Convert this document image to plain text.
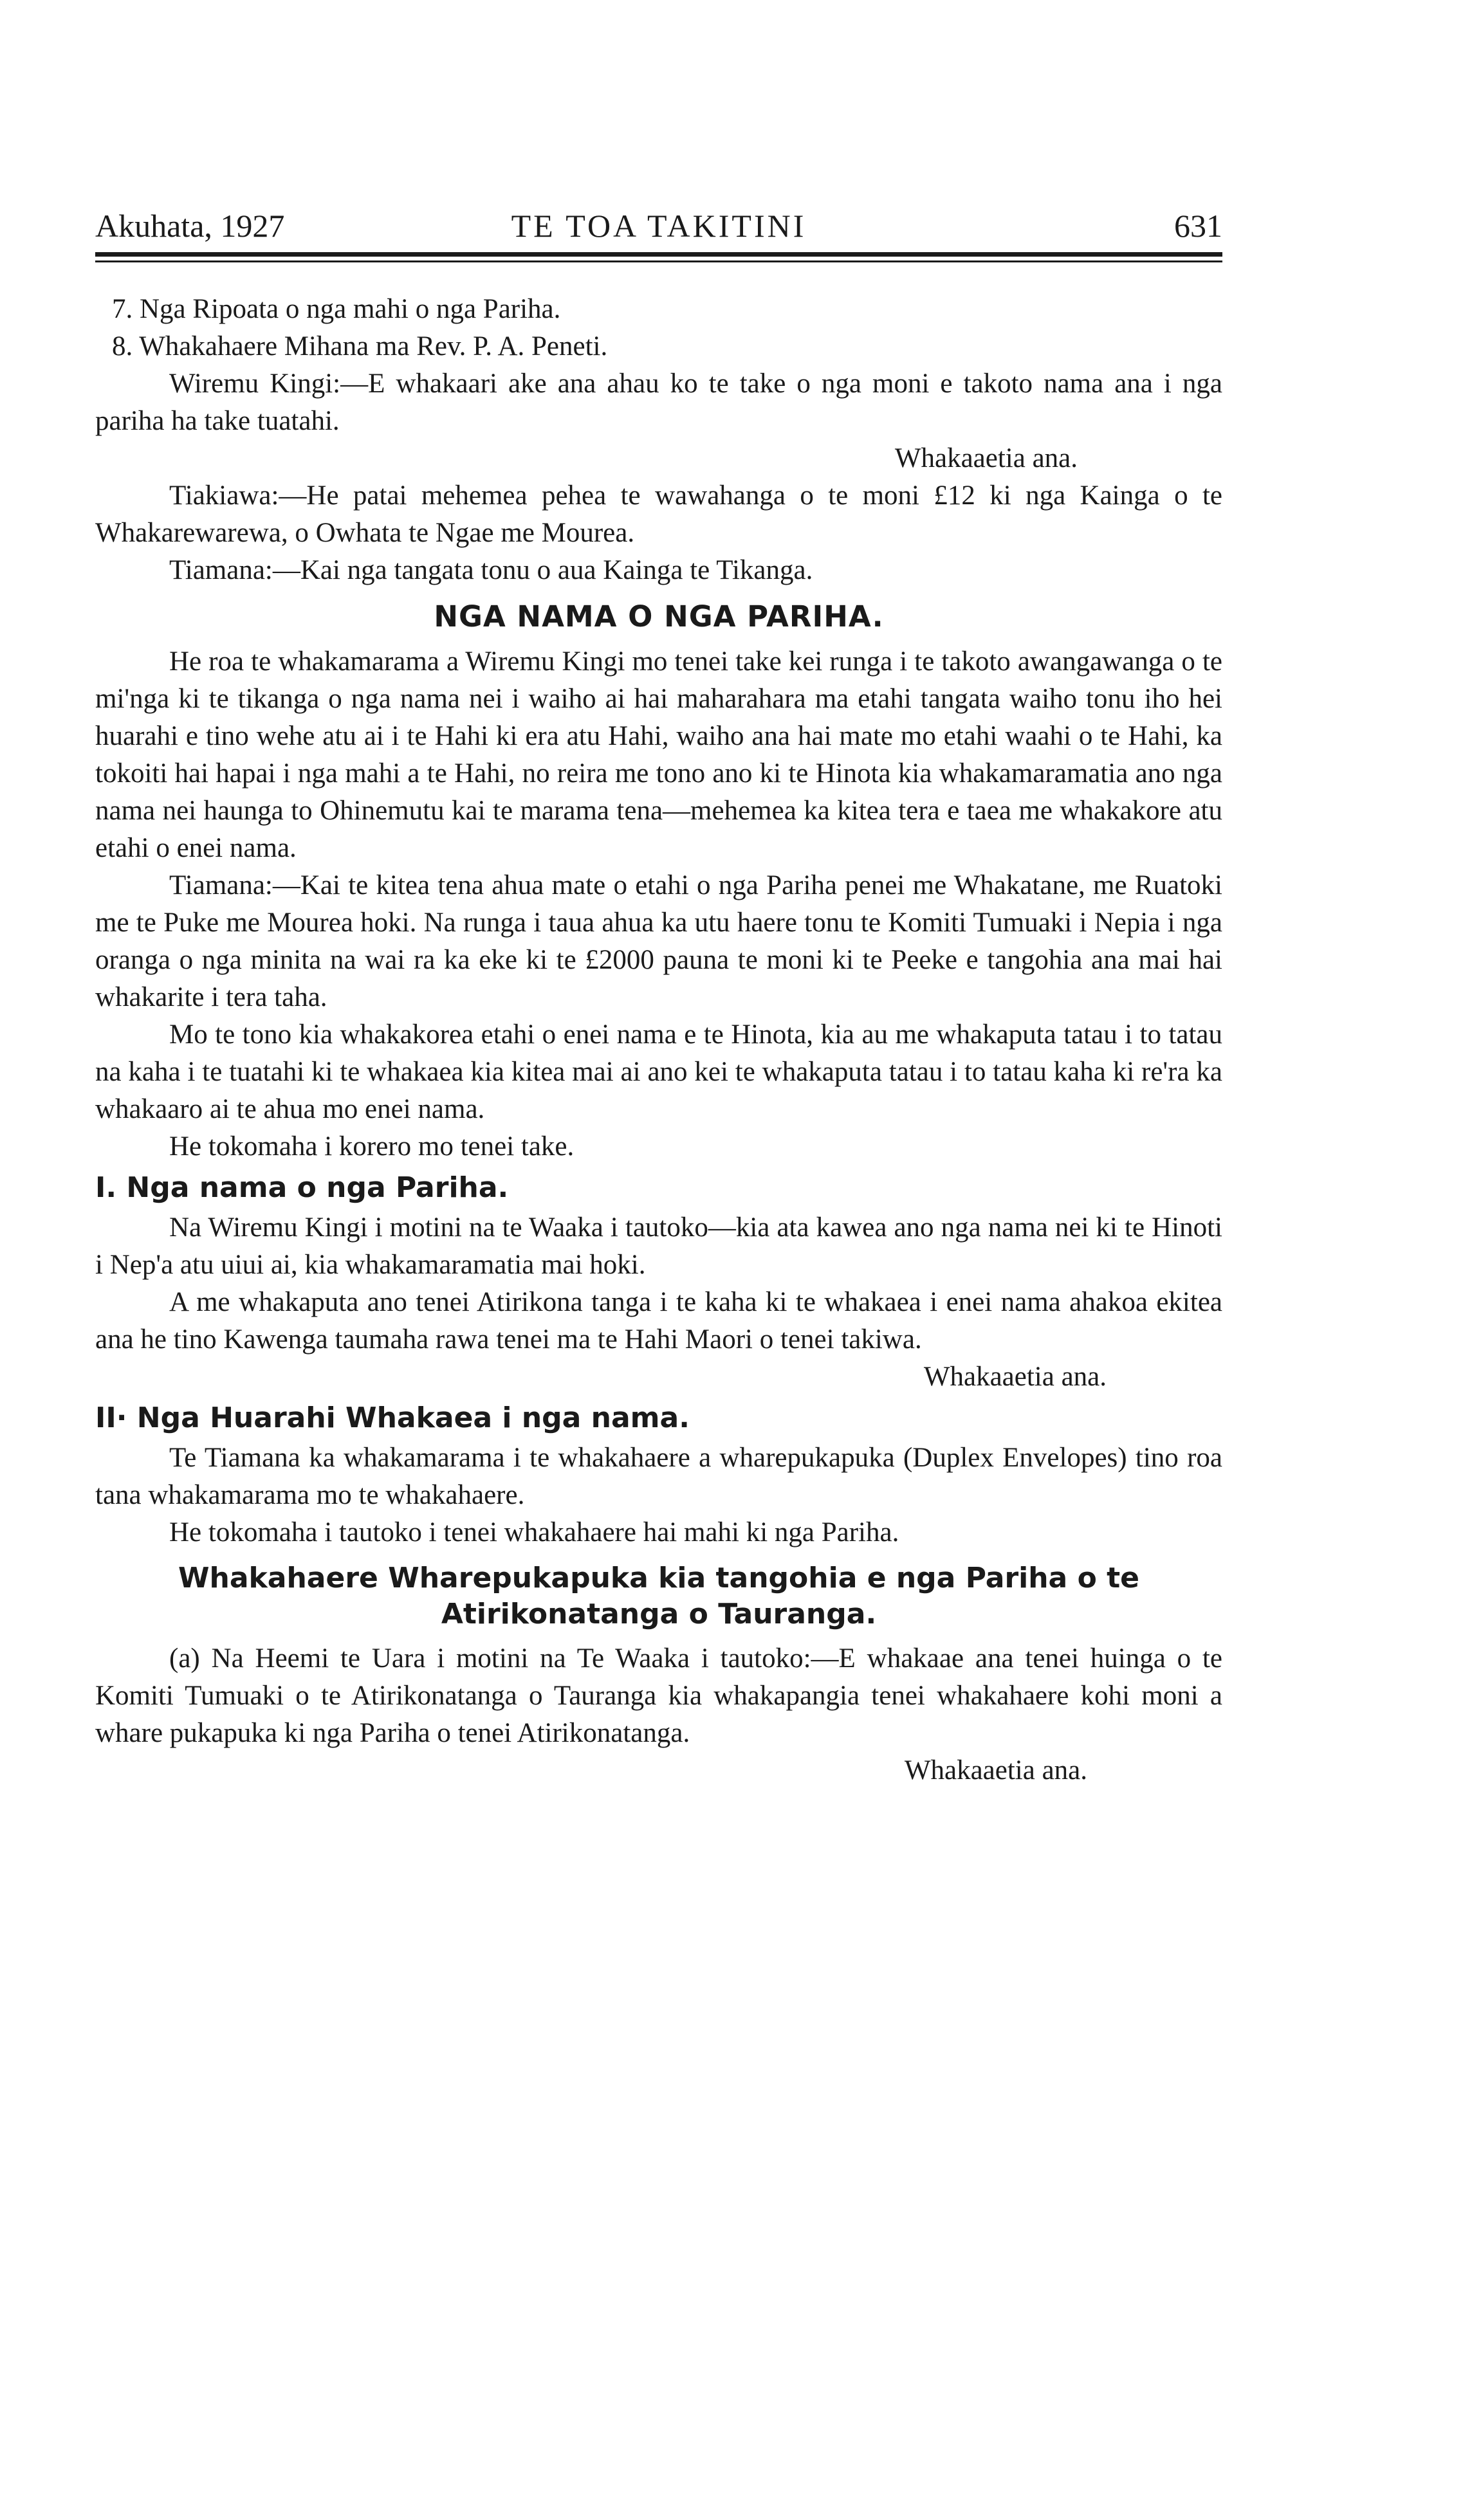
Akuhata, 1927	TE TOA TAKITINI	631

7. Nga Ripoata o nga mahi o nga Pariha.

8. Whakahaere Mihana ma Rev. P. A. Peneti.

Wiremu Kingi:—E whakaari ake ana ahau ko te take o nga moni e takoto nama ana i nga pariha ha take tuatahi.

Whakaaetia ana.

Tiakiawa:—He patai mehemea pehea te wawahanga o te moni £12 ki nga Kainga o te Whakarewarewa, o Owhata te Ngae me Mourea.

Tiamana:—Kai nga tangata tonu o aua Kainga te Tikanga.

NGA NAMA O NGA PARIHA.

He roa te whakamarama a Wiremu Kingi mo tenei take kei runga i te takoto awangawanga o te mi'nga ki te tikanga o nga nama nei i waiho ai hai maharahara ma etahi tangata waiho tonu iho hei huarahi e tino wehe atu ai i te Hahi ki era atu Hahi, waiho ana hai mate mo etahi waahi o te Hahi, ka tokoiti hai hapai i nga mahi a te Hahi, no reira me tono ano ki te Hinota kia whakamaramatia ano nga nama nei haunga to Ohinemutu kai te marama tena—mehemea ka kitea tera e taea me whakakore atu etahi o enei nama.

Tiamana:—Kai te kitea tena ahua mate o etahi o nga Pariha penei me Whakatane, me Ruatoki me te Puke me Mourea hoki. Na runga i taua ahua ka utu haere tonu te Komiti Tumuaki i Nepia i nga oranga o nga minita na wai ra ka eke ki te £2000 pauna te moni ki te Peeke e tangohia ana mai hai whakarite i tera taha.

Mo te tono kia whakakorea etahi o enei nama e te Hinota, kia au me whakaputa tatau i to tatau na kaha i te tuatahi ki te whakaea kia kitea mai ai ano kei te whakaputa tatau i to tatau kaha ki re'ra ka whakaaro ai te ahua mo enei nama.

He tokomaha i korero mo tenei take.

I. Nga nama o nga Pariha.

Na Wiremu Kingi i motini na te Waaka i tautoko—kia ata kawea ano nga nama nei ki te Hinoti i Nep'a atu uiui ai, kia whakamaramatia mai hoki.

A me whakaputa ano tenei Atirikona tanga i te kaha ki te whakaea i enei nama ahakoa ekitea ana he tino Kawenga taumaha rawa tenei ma te Hahi Maori o tenei takiwa.

Whakaaetia ana.

II· Nga Huarahi Whakaea i nga nama.

Te Tiamana ka whakamarama i te whakahaere a wharepukapuka (Duplex Envelopes) tino roa tana whakamarama mo te whakahaere.

He tokomaha i tautoko i tenei whakahaere hai mahi ki nga Pariha.

Whakahaere Wharepukapuka kia tangohia e nga Pariha o te Atirikonatanga o Tauranga.

(a) Na Heemi te Uara i motini na Te Waaka i tautoko:—E whakaae ana tenei huinga o te Komiti Tumuaki o te Atirikonatanga o Tauranga kia whakapangia tenei whakahaere kohi moni a whare pukapuka ki nga Pariha o tenei Atirikonatanga.

Whakaaetia ana.
